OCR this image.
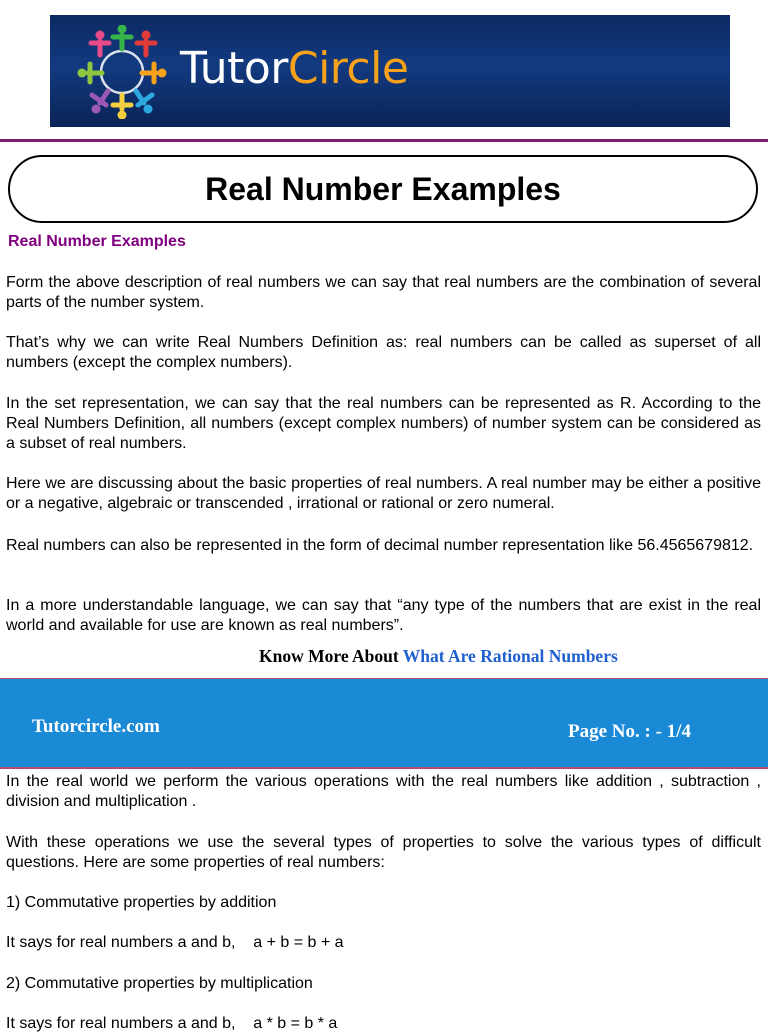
TutorCircle
Real Number Examples
Real Number Examples

Form the above description of real numbers we can say that real numbers are the combination of several parts of the number system.

That’s why we can write Real Numbers Definition as: real numbers can be called as superset of all numbers (except the complex numbers).

In the set representation, we can say that the real numbers can be represented as R. According to the Real Numbers Definition, all numbers (except complex numbers) of number system can be considered as a subset of real numbers.

Here we are discussing about the basic properties of real numbers. A real number may be either a positive or a negative, algebraic or transcended , irrational or rational or zero numeral.

Real numbers can also be represented in the form of decimal number representation like 56.4565679812.

In a more understandable language, we can say that “any type of the numbers that are exist in the real world and available for use are known as real numbers”.

Know More About What Are Rational Numbers
Tutorcircle.com	Page No. : - 1/4

In the real world we perform the various operations with the real numbers like addition , subtraction , division and multiplication .

With these operations we use the several types of properties to solve the various types of difficult questions. Here are some properties of real numbers:

1) Commutative properties by addition

It says for real numbers a and b,    a + b = b + a

2) Commutative properties by multiplication

It says for real numbers a and b,    a * b = b * a
